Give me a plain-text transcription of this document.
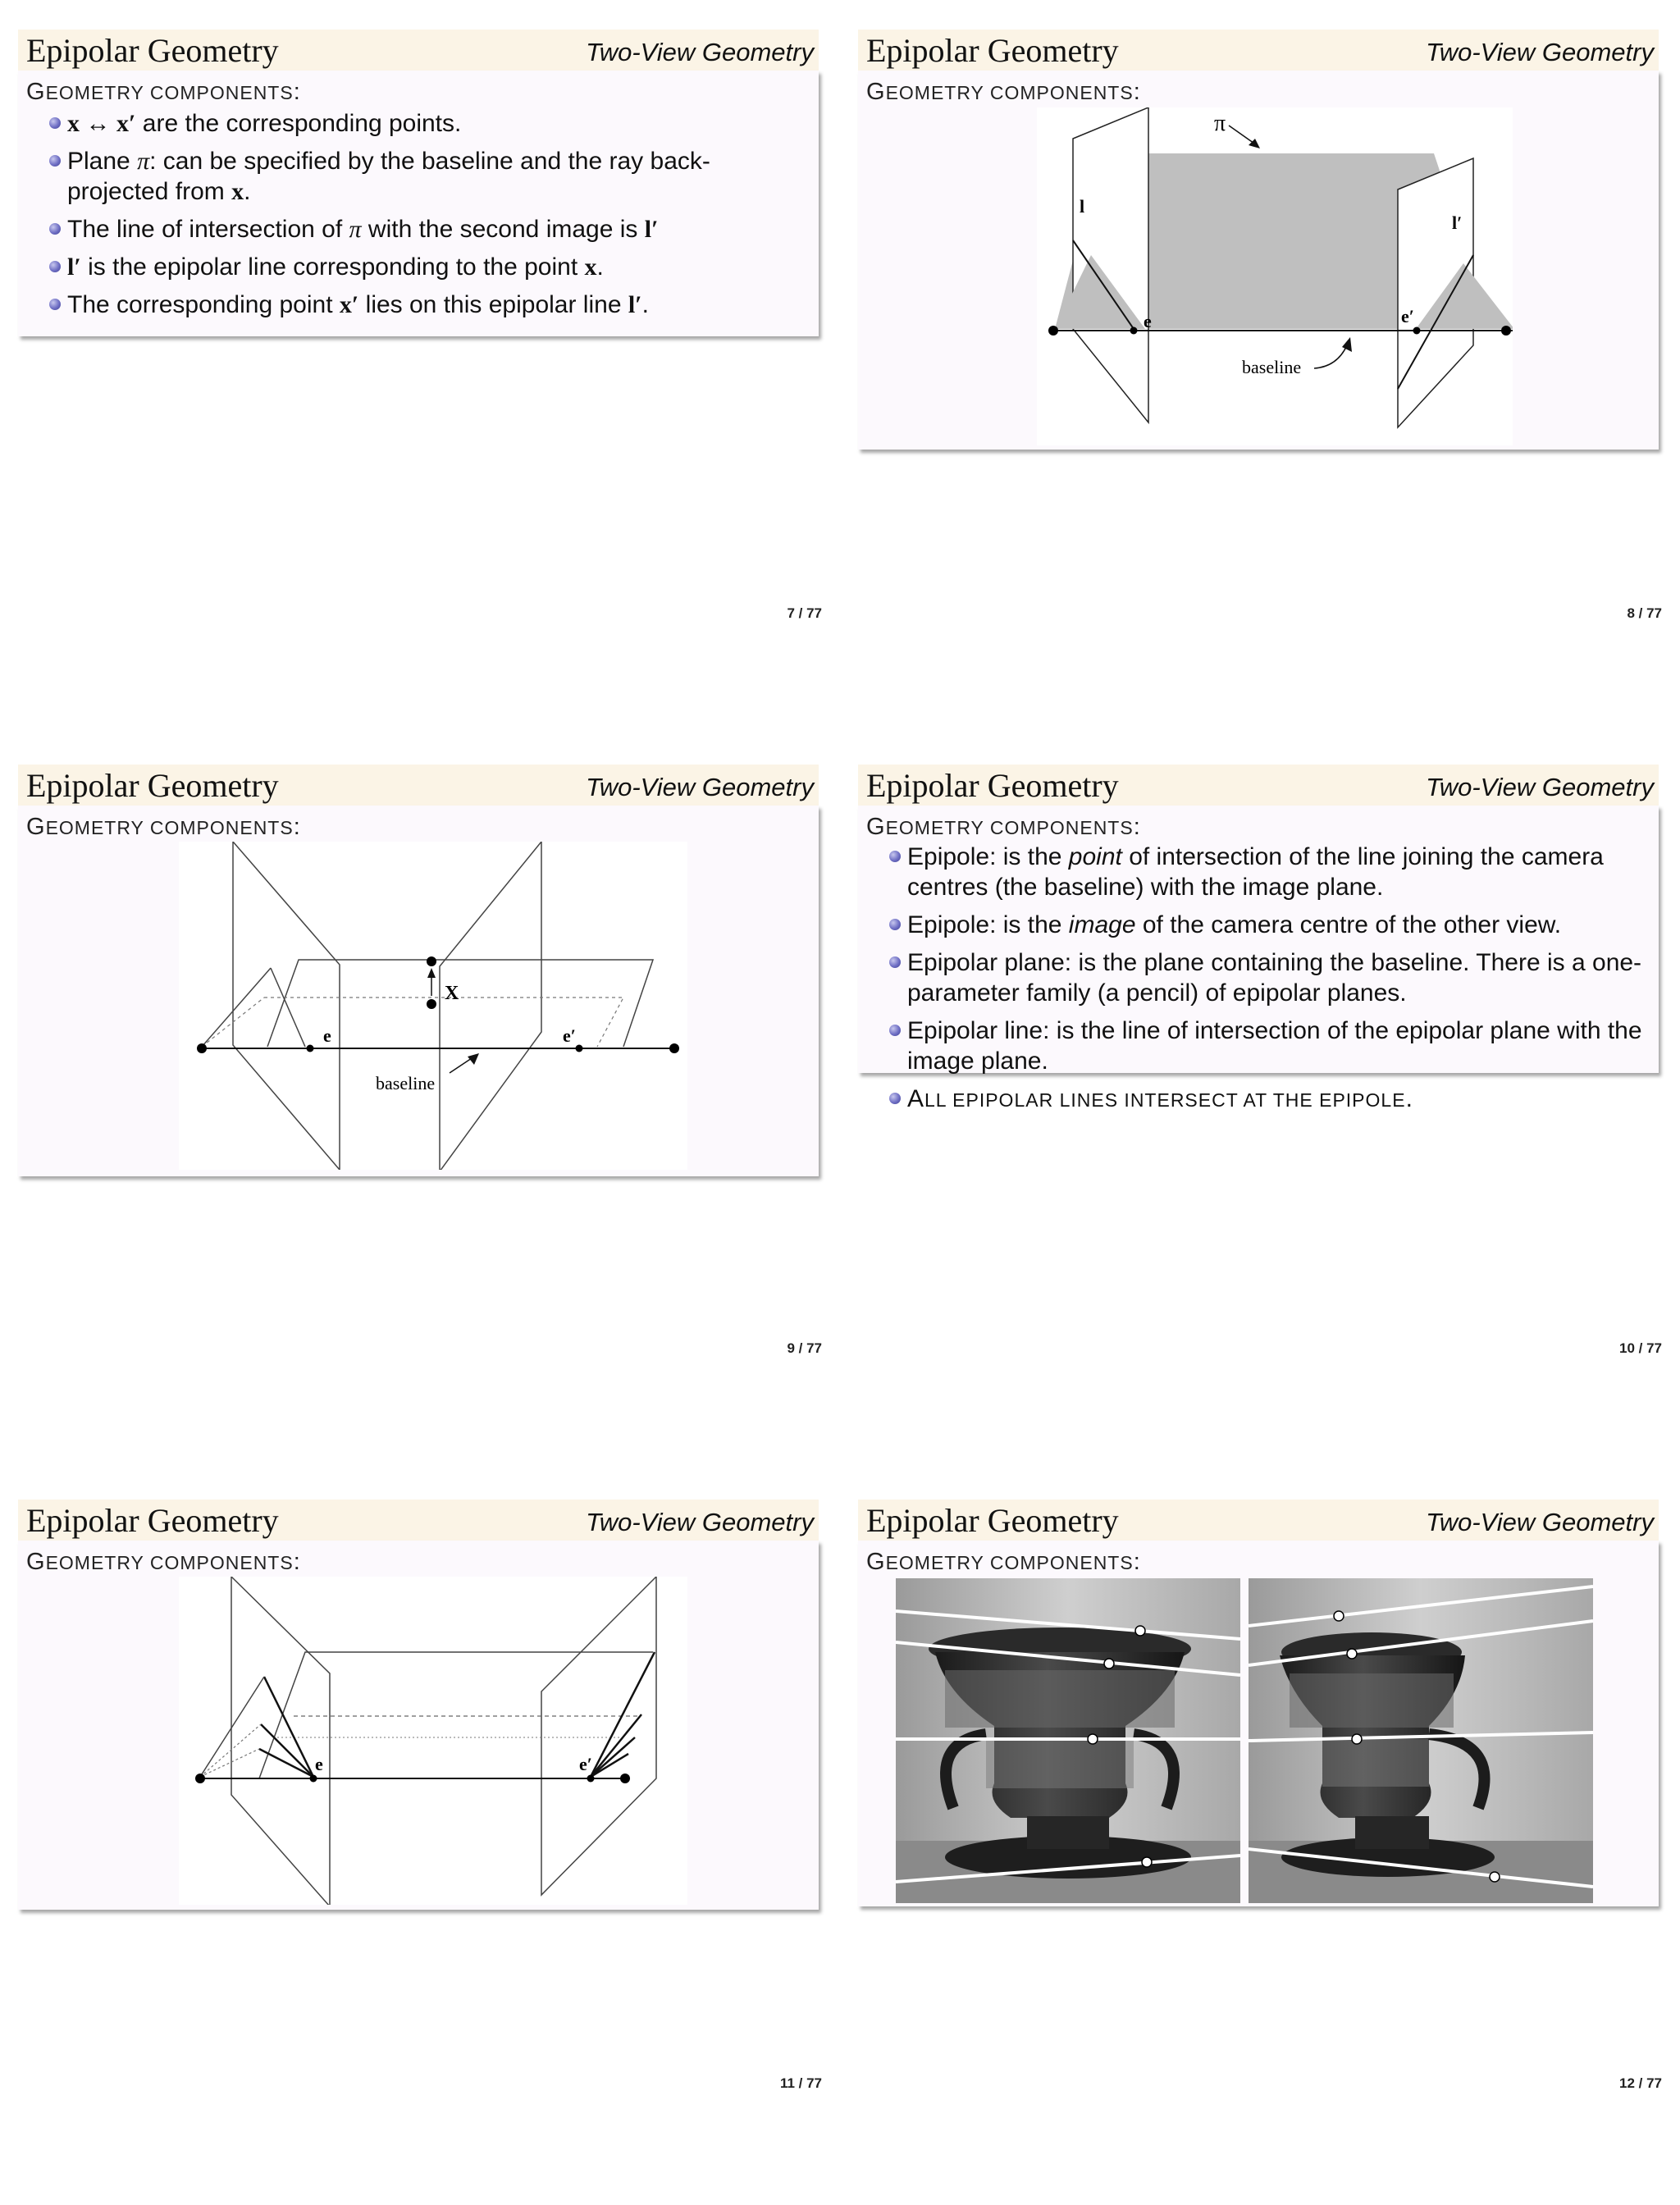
Epipolar Geometry	Two-View Geometry
GEOMETRY COMPONENTS:
x ↔ x′ are the corresponding points.
Plane π: can be specified by the baseline and the ray back-projected from x.
The line of intersection of π with the second image is l′
l′ is the epipolar line corresponding to the point x.
The corresponding point x′ lies on this epipolar line l′.
7 / 77
Epipolar Geometry	Two-View Geometry
GEOMETRY COMPONENTS:
π
l
l′
e	e′
baseline
8 / 77
Epipolar Geometry	Two-View Geometry
GEOMETRY COMPONENTS:
X
e	e′
baseline
9 / 77
Epipolar Geometry	Two-View Geometry
GEOMETRY COMPONENTS:
Epipole: is the point of intersection of the line joining the camera centres (the baseline) with the image plane.
Epipole: is the image of the camera centre of the other view.
Epipolar plane: is the plane containing the baseline. There is a one-parameter family (a pencil) of epipolar planes.
Epipolar line: is the line of intersection of the epipolar plane with the image plane.
ALL EPIPOLAR LINES INTERSECT AT THE EPIPOLE.
10 / 77
Epipolar Geometry	Two-View Geometry
GEOMETRY COMPONENTS:
e	e′
11 / 77
Epipolar Geometry	Two-View Geometry
GEOMETRY COMPONENTS:
12 / 77
